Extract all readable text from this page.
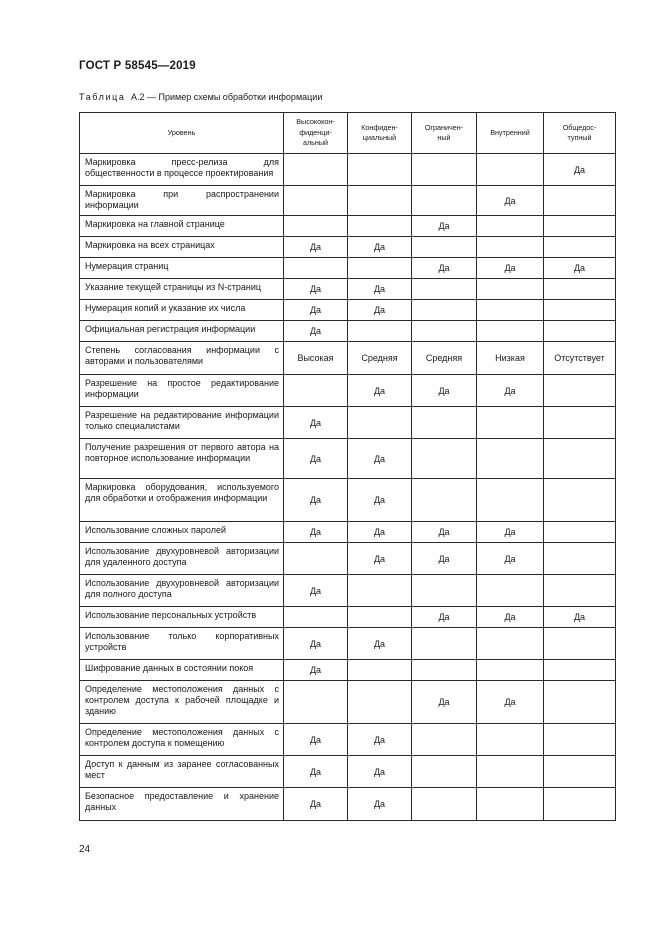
ГОСТ Р 58545—2019
Таблица А.2 — Пример схемы обработки информации
Уровень	Высококон-
фиденци-
альный	Конфиден-
циальный	Ограничен-
ный	Внутренний	Общедос-
тупный
Маркировка пресс-релиза для общественности в процессе проектирования					Да
Маркировка при распространении информации				Да	
Маркировка на главной странице			Да		
Маркировка на всех страницах	Да	Да			
Нумерация страниц			Да	Да	Да
Указание текущей страницы из N-страниц	Да	Да			
Нумерация копий и указание их числа	Да	Да			
Официальная регистрация информации	Да				
Степень согласования информации с авторами и пользователями	Высокая	Средняя	Средняя	Низкая	Отсутствует
Разрешение на простое редактирование информации		Да	Да	Да	
Разрешение на редактирование информации только специалистами	Да				
Получение разрешения от первого автора на повторное использование информации	Да	Да			
Маркировка оборудования, используемого для обработки и отображения информации	Да	Да			
Использование сложных паролей	Да	Да	Да	Да	
Использование двухуровневой авторизации для удаленного доступа		Да	Да	Да	
Использование двухуровневой авторизации для полного доступа	Да				
Использование персональных устройств			Да	Да	Да
Использование только корпоративных устройств	Да	Да			
Шифрование данных в состоянии покоя	Да				
Определение местоположения данных с контролем доступа к рабочей площадке и зданию			Да	Да	
Определение местоположения данных с контролем доступа к помещению	Да	Да			
Доступ к данным из заранее согласованных мест	Да	Да			
Безопасное предоставление и хранение данных	Да	Да			
24
